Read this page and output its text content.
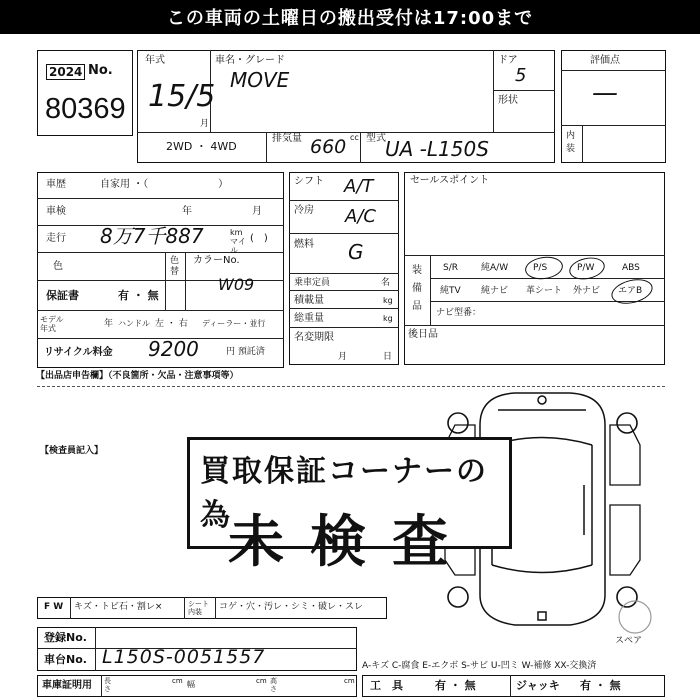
この車両の土曜日の搬出受付は17:00まで
2024 No.
80369
年式
15/5
月
車名・グレード
MOVE
ドア
5
形状
2WD ・ 4WD
排気量 660 cc 型式 UA -L150S
評価点
—
内装
車歴	自家用 ・（　　　　　　　）
車検	年	月
走行 8万7千887	km マイル
(　)
色	色替
カラーNo.
W09
保証書	有 ・ 無
モデル年式	年 ハンドル 左 ・ 右 ディーラー・並行
リサイクル料金 9200	円 預託済
シフト A/T
冷房 A/C
燃料 G
乗車定員	名
積載量	kg
総重量	kg
名変期限
月	日
セールスポイント
装備品
S/R	純A/W	P/S	P/W	ABS
純TV 純ナビ 革シート 外ナビ エアB
ナビ型番：
後日品
【出品店申告欄】（不良箇所・欠品・注意事項等）
【検査員記入】
スペア
買取保証コーナーの為
未検査
F W キズ・トビ石・割レ×	シート 内装	コゲ・穴・汚レ・シミ・破レ・スレ
登録No.
車台No. L150S-0051557
車庫証明用 長さ
cm 幅	cm 高さ
cm
A-キズ C-腐食 E-エクボ S-サビ U-凹ミ W-補修 XX-交換済
工　具	有 ・ 無	ジャッキ 有 ・ 無
